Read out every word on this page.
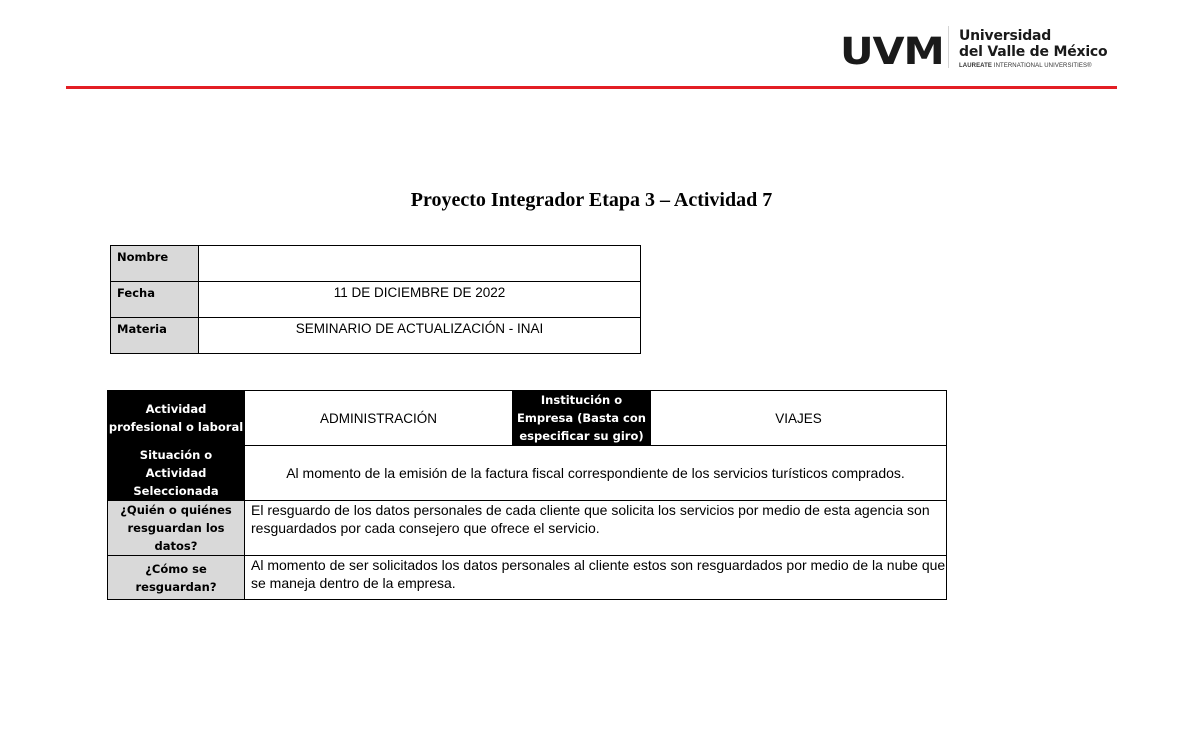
UVM	Universidad
del Valle de México
LAUREATE INTERNATIONAL UNIVERSITIES®
Proyecto Integrador Etapa 3 – Actividad 7
Nombre	
Fecha	11 DE DICIEMBRE DE 2022
Materia	SEMINARIO DE ACTUALIZACIÓN - INAI
Actividad profesional o laboral	ADMINISTRACIÓN	Institución o Empresa (Basta con especificar su giro)	VIAJES
Situación o Actividad Seleccionada	Al momento de la emisión de la factura fiscal correspondiente de los servicios turísticos comprados.		
¿Quién o quiénes resguardan los datos?	El resguardo de los datos personales de cada cliente que solicita los servicios por medio de esta agencia son resguardados por cada consejero que ofrece el servicio.		
¿Cómo se resguardan?	Al momento de ser solicitados los datos personales al cliente estos son resguardados por medio de la nube que se maneja dentro de la empresa.		
